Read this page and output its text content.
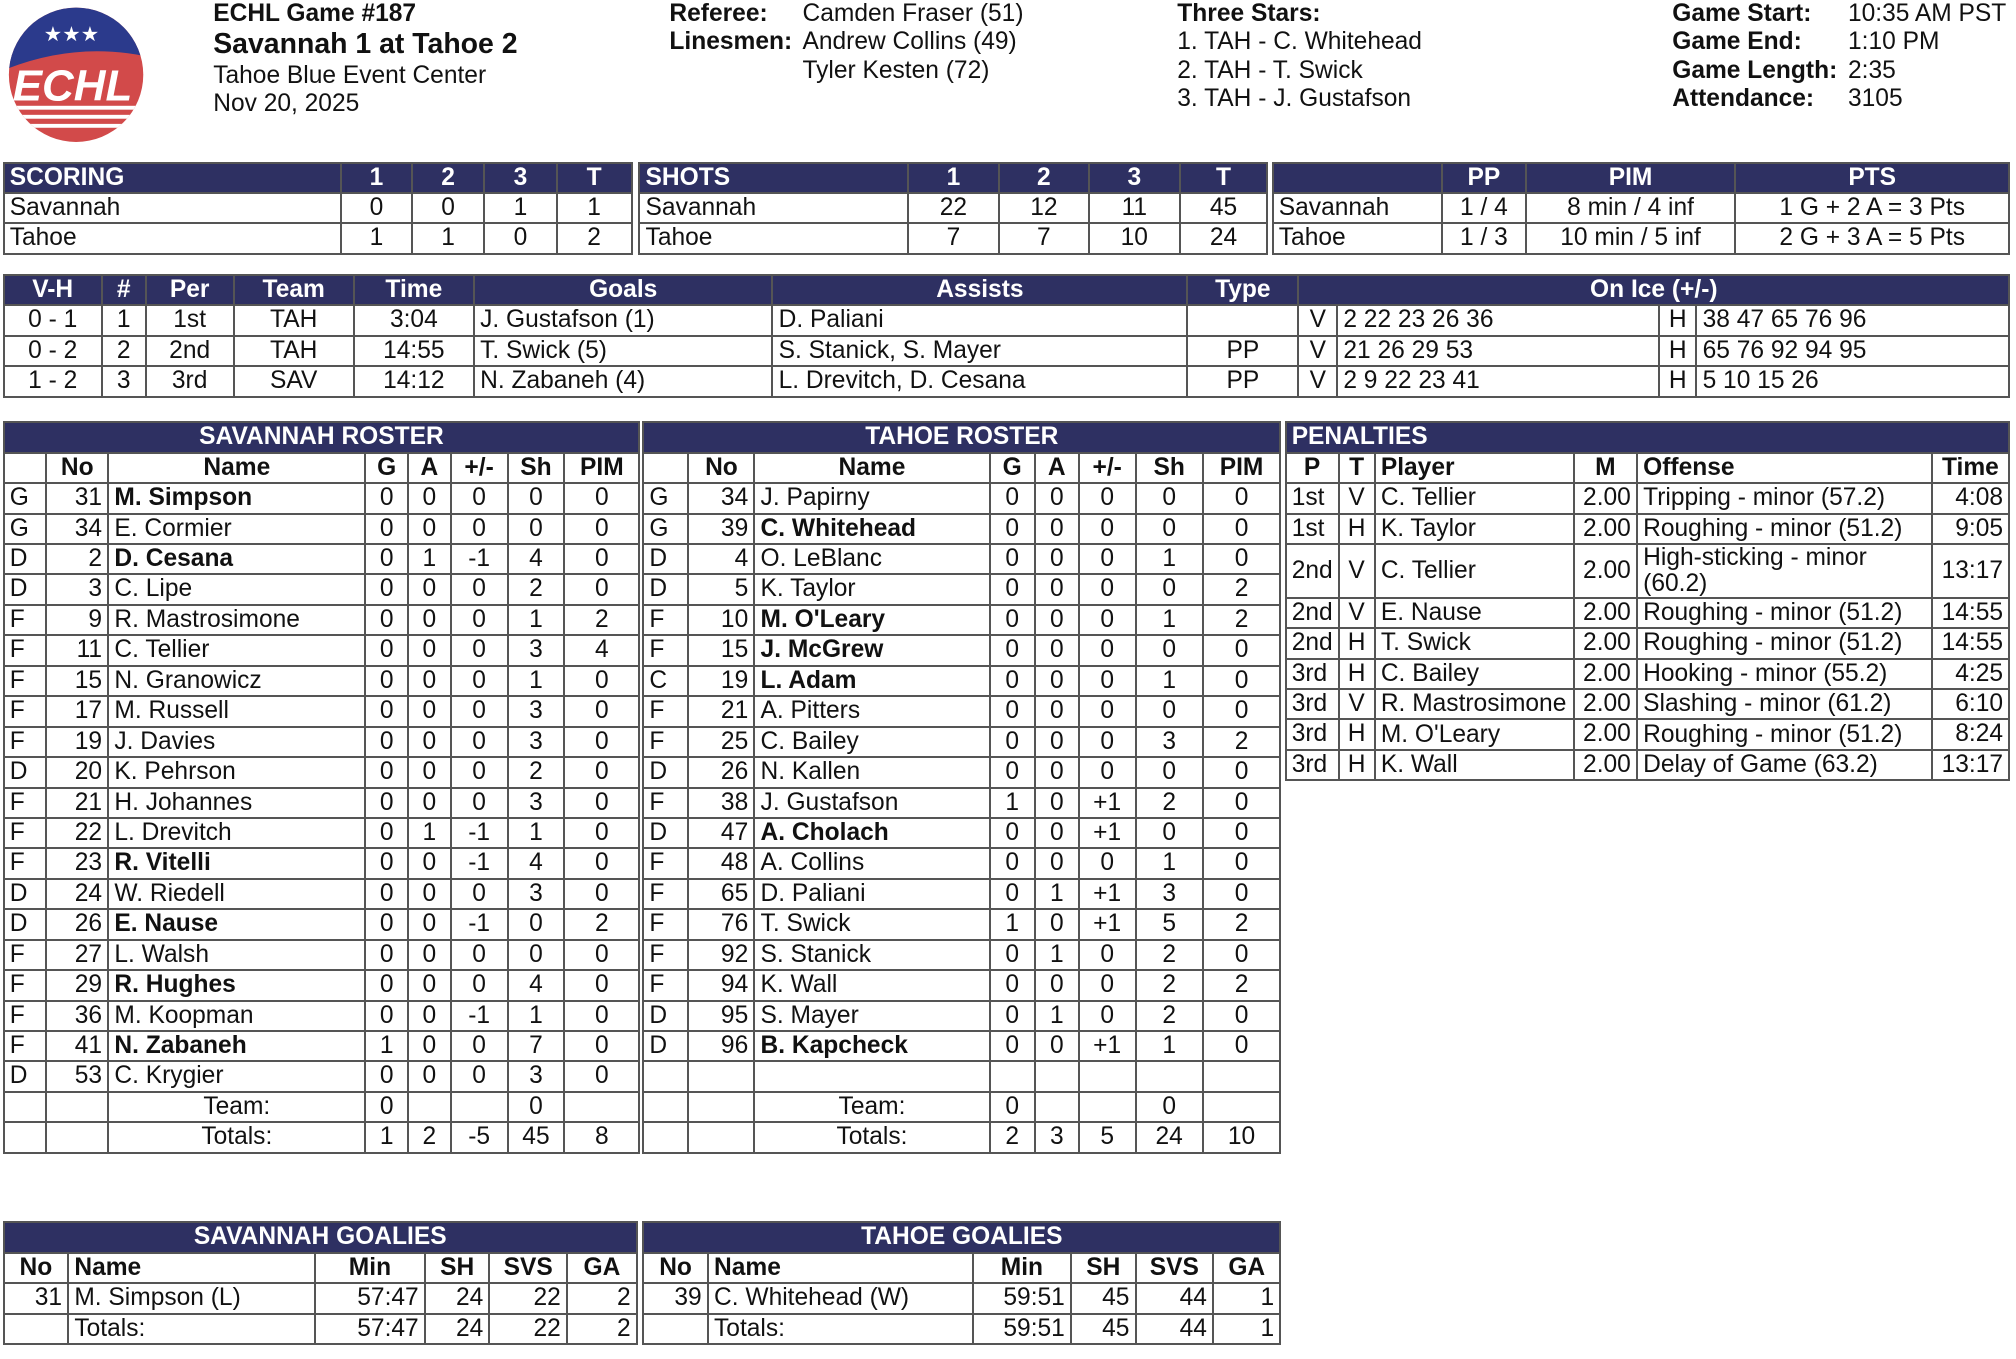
★★★
ECHL
ECHL Game #187
Savannah 1 at Tahoe 2
Tahoe Blue Event Center
Nov 20, 2025
Referee: Camden Fraser (51)
Linesmen: Andrew Collins (49)
Tyler Kesten (72)
Three Stars:
1. TAH - C. Whitehead
2. TAH - T. Swick
3. TAH - J. Gustafson
Game Start: 10:35 AM PST
Game End: 1:10 PM
Game Length: 2:35
Attendance: 3105
SCORING	1	2	3	T
Savannah	0	0	1	1
Tahoe	1	1	0	2
SHOTS	1	2	3	T
Savannah	22	12	11	45
Tahoe	7	7	10	24
	PP	PIM	PTS
Savannah	1 / 4	8 min / 4 inf	1 G + 2 A = 3 Pts
Tahoe	1 / 3	10 min / 5 inf	2 G + 3 A = 5 Pts
V-H	#	Per	Team	Time	Goals	Assists	Type	On Ice (+/-)			
0 - 1	1	1st	TAH	3:04	J. Gustafson (1)	D. Paliani		V	2 22 23 26 36	H	38 47 65 76 96
0 - 2	2	2nd	TAH	14:55	T. Swick (5)	S. Stanick, S. Mayer	PP	V	21 26 29 53	H	65 76 92 94 95
1 - 2	3	3rd	SAV	14:12	N. Zabaneh (4)	L. Drevitch, D. Cesana	PP	V	2 9 22 23 41	H	5 10 15 26
SAVANNAH ROSTER							
	No	Name	G	A	+/-	Sh	PIM
G	31	M. Simpson	0	0	0	0	0
G	34	E. Cormier	0	0	0	0	0
D	2	D. Cesana	0	1	-1	4	0
D	3	C. Lipe	0	0	0	2	0
F	9	R. Mastrosimone	0	0	0	1	2
F	11	C. Tellier	0	0	0	3	4
F	15	N. Granowicz	0	0	0	1	0
F	17	M. Russell	0	0	0	3	0
F	19	J. Davies	0	0	0	3	0
D	20	K. Pehrson	0	0	0	2	0
F	21	H. Johannes	0	0	0	3	0
F	22	L. Drevitch	0	1	-1	1	0
F	23	R. Vitelli	0	0	-1	4	0
D	24	W. Riedell	0	0	0	3	0
D	26	E. Nause	0	0	-1	0	2
F	27	L. Walsh	0	0	0	0	0
F	29	R. Hughes	0	0	0	4	0
F	36	M. Koopman	0	0	-1	1	0
F	41	N. Zabaneh	1	0	0	7	0
D	53	C. Krygier	0	0	0	3	0
		Team:	0			0	
		Totals:	1	2	-5	45	8
TAHOE ROSTER							
	No	Name	G	A	+/-	Sh	PIM
G	34	J. Papirny	0	0	0	0	0
G	39	C. Whitehead	0	0	0	0	0
D	4	O. LeBlanc	0	0	0	1	0
D	5	K. Taylor	0	0	0	0	2
F	10	M. O'Leary	0	0	0	1	2
F	15	J. McGrew	0	0	0	0	0
C	19	L. Adam	0	0	0	1	0
F	21	A. Pitters	0	0	0	0	0
F	25	C. Bailey	0	0	0	3	2
D	26	N. Kallen	0	0	0	0	0
F	38	J. Gustafson	1	0	+1	2	0
D	47	A. Cholach	0	0	+1	0	0
F	48	A. Collins	0	0	0	1	0
F	65	D. Paliani	0	1	+1	3	0
F	76	T. Swick	1	0	+1	5	2
F	92	S. Stanick	0	1	0	2	0
F	94	K. Wall	0	0	0	2	2
D	95	S. Mayer	0	1	0	2	0
D	96	B. Kapcheck	0	0	+1	1	0

		Team:	0			0	
		Totals:	2	3	5	24	10
PENALTIES					
P	T	Player	M	Offense	Time
1st	V	C. Tellier	2.00	Tripping - minor (57.2)	4:08
1st	H	K. Taylor	2.00	Roughing - minor (51.2)	9:05
2nd	V	C. Tellier	2.00	High-sticking - minor (60.2)	13:17
2nd	V	E. Nause	2.00	Roughing - minor (51.2)	14:55
2nd	H	T. Swick	2.00	Roughing - minor (51.2)	14:55
3rd	H	C. Bailey	2.00	Hooking - minor (55.2)	4:25
3rd	V	R. Mastrosimone	2.00	Slashing - minor (61.2)	6:10
3rd	H	M. O'Leary	2.00	Roughing - minor (51.2)	8:24
3rd	H	K. Wall	2.00	Delay of Game (63.2)	13:17
SAVANNAH GOALIES					
No	Name	Min	SH	SVS	GA
31	M. Simpson (L)	57:47	24	22	2
	Totals:	57:47	24	22	2
TAHOE GOALIES					
No	Name	Min	SH	SVS	GA
39	C. Whitehead (W)	59:51	45	44	1
	Totals:	59:51	45	44	1
